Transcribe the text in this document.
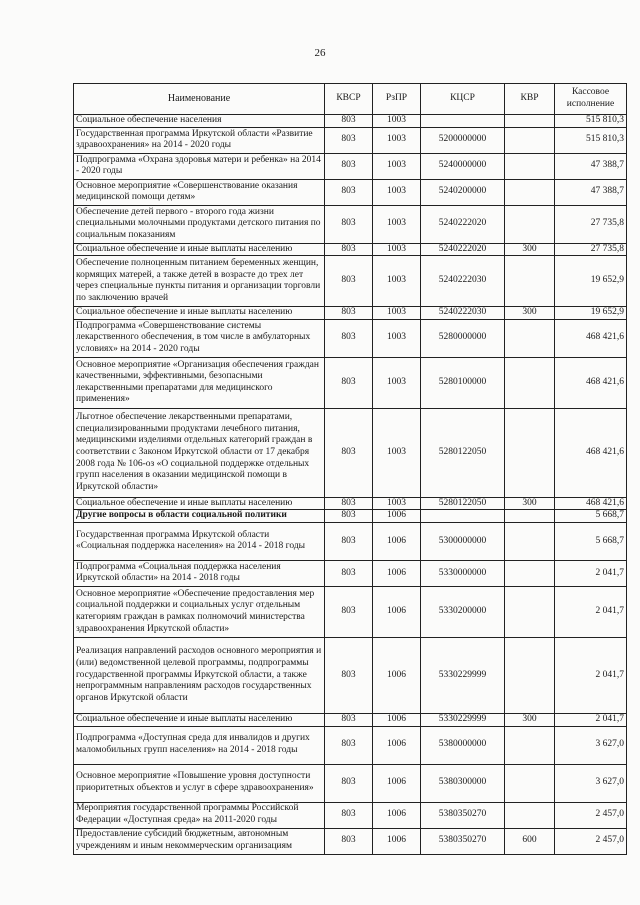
26
Наименование	КВСР	РзПР	КЦСР	КВР	Кассовое исполнение
Социальное обеспечение населения	803	1003			515 810,3
Государственная программа Иркутской области «Развитие здравоохранения» на 2014 - 2020 годы	803	1003	5200000000		515 810,3
Подпрограмма «Охрана здоровья матери и ребенка» на 2014 - 2020 годы	803	1003	5240000000		47 388,7
Основное мероприятие «Совершенствование оказания медицинской помощи детям»	803	1003	5240200000		47 388,7
Обеспечение детей первого - второго года жизни специальными молочными продуктами детского питания по социальным показаниям	803	1003	5240222020		27 735,8
Социальное обеспечение и иные выплаты населению	803	1003	5240222020	300	27 735,8
Обеспечение полноценным питанием беременных женщин, кормящих матерей, а также детей в возрасте до трех лет через специальные пункты питания и организации торговли по заключению врачей	803	1003	5240222030		19 652,9
Социальное обеспечение и иные выплаты населению	803	1003	5240222030	300	19 652,9
Подпрограмма «Совершенствование системы лекарственного обеспечения, в том числе в амбулаторных условиях» на 2014 - 2020 годы	803	1003	5280000000		468 421,6
Основное мероприятие «Организация обеспечения граждан качественными, эффективными, безопасными лекарственными препаратами для медицинского применения»	803	1003	5280100000		468 421,6
Льготное обеспечение лекарственными препаратами, специализированными продуктами лечебного питания, медицинскими изделиями отдельных категорий граждан в соответствии с Законом Иркутской области от 17 декабря 2008 года № 106-оз «О социальной поддержке отдельных групп населения в оказании медицинской помощи в Иркутской области»	803	1003	5280122050		468 421,6
Социальное обеспечение и иные выплаты населению	803	1003	5280122050	300	468 421,6
Другие вопросы в области социальной политики	803	1006			5 668,7
Государственная программа Иркутской области «Социальная поддержка населения» на 2014 - 2018 годы	803	1006	5300000000		5 668,7
Подпрограмма «Социальная поддержка населения Иркутской области» на 2014 - 2018 годы	803	1006	5330000000		2 041,7
Основное мероприятие «Обеспечение предоставления мер социальной поддержки и социальных услуг отдельным категориям граждан в рамках полномочий министерства здравоохранения Иркутской области»	803	1006	5330200000		2 041,7
Реализация направлений расходов основного мероприятия и (или) ведомственной целевой программы, подпрограммы государственной программы Иркутской области, а также непрограммным направлениям расходов государственных органов Иркутской области	803	1006	5330229999		2 041,7
Социальное обеспечение и иные выплаты населению	803	1006	5330229999	300	2 041,7
Подпрограмма «Доступная среда для инвалидов и других маломобильных групп населения» на 2014 - 2018 годы	803	1006	5380000000		3 627,0
Основное мероприятие «Повышение уровня доступности приоритетных объектов и услуг в сфере здравоохранения»	803	1006	5380300000		3 627,0
Мероприятия государственной программы Российской Федерации «Доступная среда» на 2011-2020 годы	803	1006	5380350270		2 457,0
Предоставление субсидий бюджетным, автономным учреждениям и иным некоммерческим организациям	803	1006	5380350270	600	2 457,0
